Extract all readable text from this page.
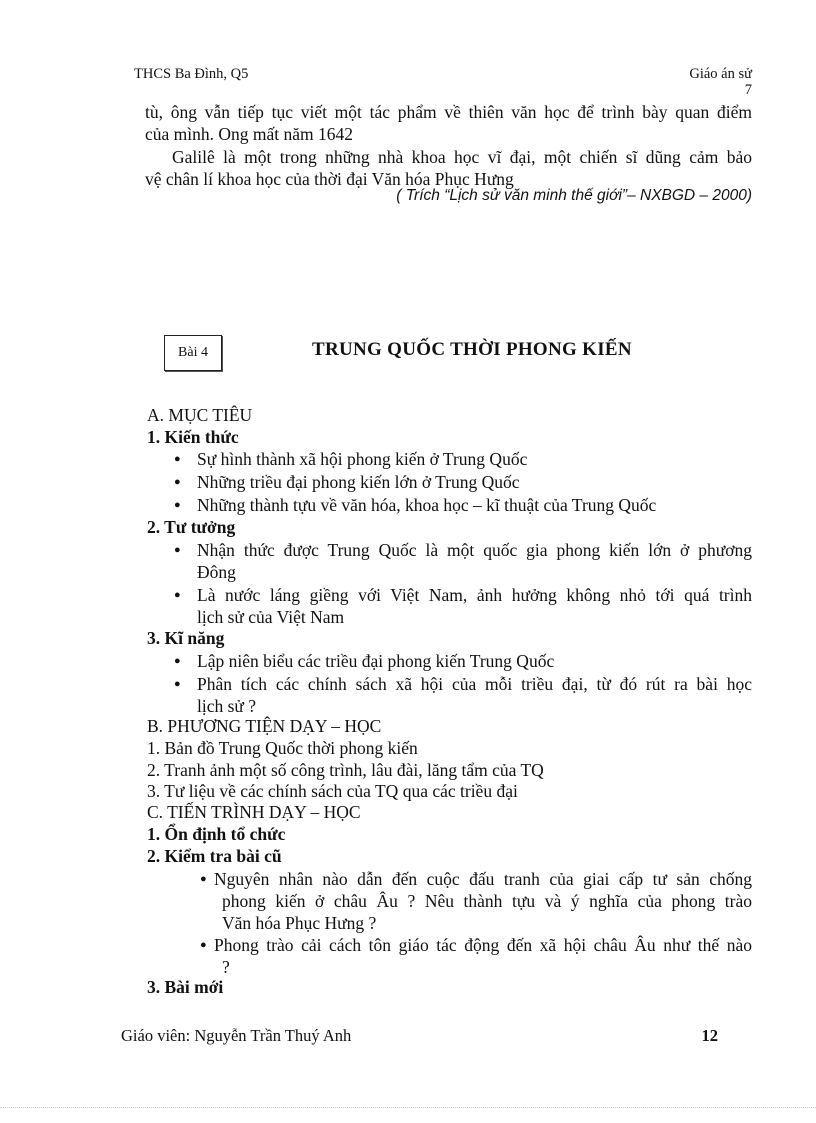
THCS Ba Đình, Q5	Giáo án sử
7
tù, ông vẫn tiếp tục viết một tác phẩm về thiên văn học để trình bày quan điểm
của mình. Ong mất năm 1642
Galilê là một trong những nhà khoa học vĩ đại, một chiến sĩ dũng cảm bảo
vệ chân lí khoa học của thời đại Văn hóa Phục Hưng
( Trích “Lịch sử văn minh thế giới”– NXBGD – 2000)
Bài 4	TRUNG QUỐC THỜI PHONG KIẾN
A. MỤC TIÊU
1. Kiến thức
● Sự hình thành xã hội phong kiến ở Trung Quốc
● Những triều đại phong kiến lớn ở Trung Quốc
● Những thành tựu về văn hóa, khoa học – kĩ thuật của Trung Quốc
2. Tư tưởng
● Nhận thức được Trung Quốc là một quốc gia phong kiến lớn ở phương
Đông
● Là nước láng giềng với Việt Nam, ảnh hưởng không nhỏ tới quá trình
lịch sử của Việt Nam
3. Kĩ năng
● Lập niên biểu các triều đại phong kiến Trung Quốc
● Phân tích các chính sách xã hội của mỗi triều đại, từ đó rút ra bài học
lịch sử ?
B. PHƯƠNG TIỆN DẠY – HỌC
1. Bản đồ Trung Quốc thời phong kiến
2. Tranh ảnh một số công trình, lâu đài, lăng tẩm của TQ
3. Tư liệu về các chính sách của TQ qua các triều đại
C. TIẾN TRÌNH DẠY – HỌC
1. Ổn định tổ chức
2. Kiểm tra bài cũ
● Nguyên nhân nào dẫn đến cuộc đấu tranh của giai cấp tư sản chống
phong kiến ở châu Âu ? Nêu thành tựu và ý nghĩa của phong trào
Văn hóa Phục Hưng ?
● Phong trào cải cách tôn giáo tác động đến xã hội châu Âu như thế nào
?
3. Bài mới
Giáo viên: Nguyễn Trần Thuý Anh	12
